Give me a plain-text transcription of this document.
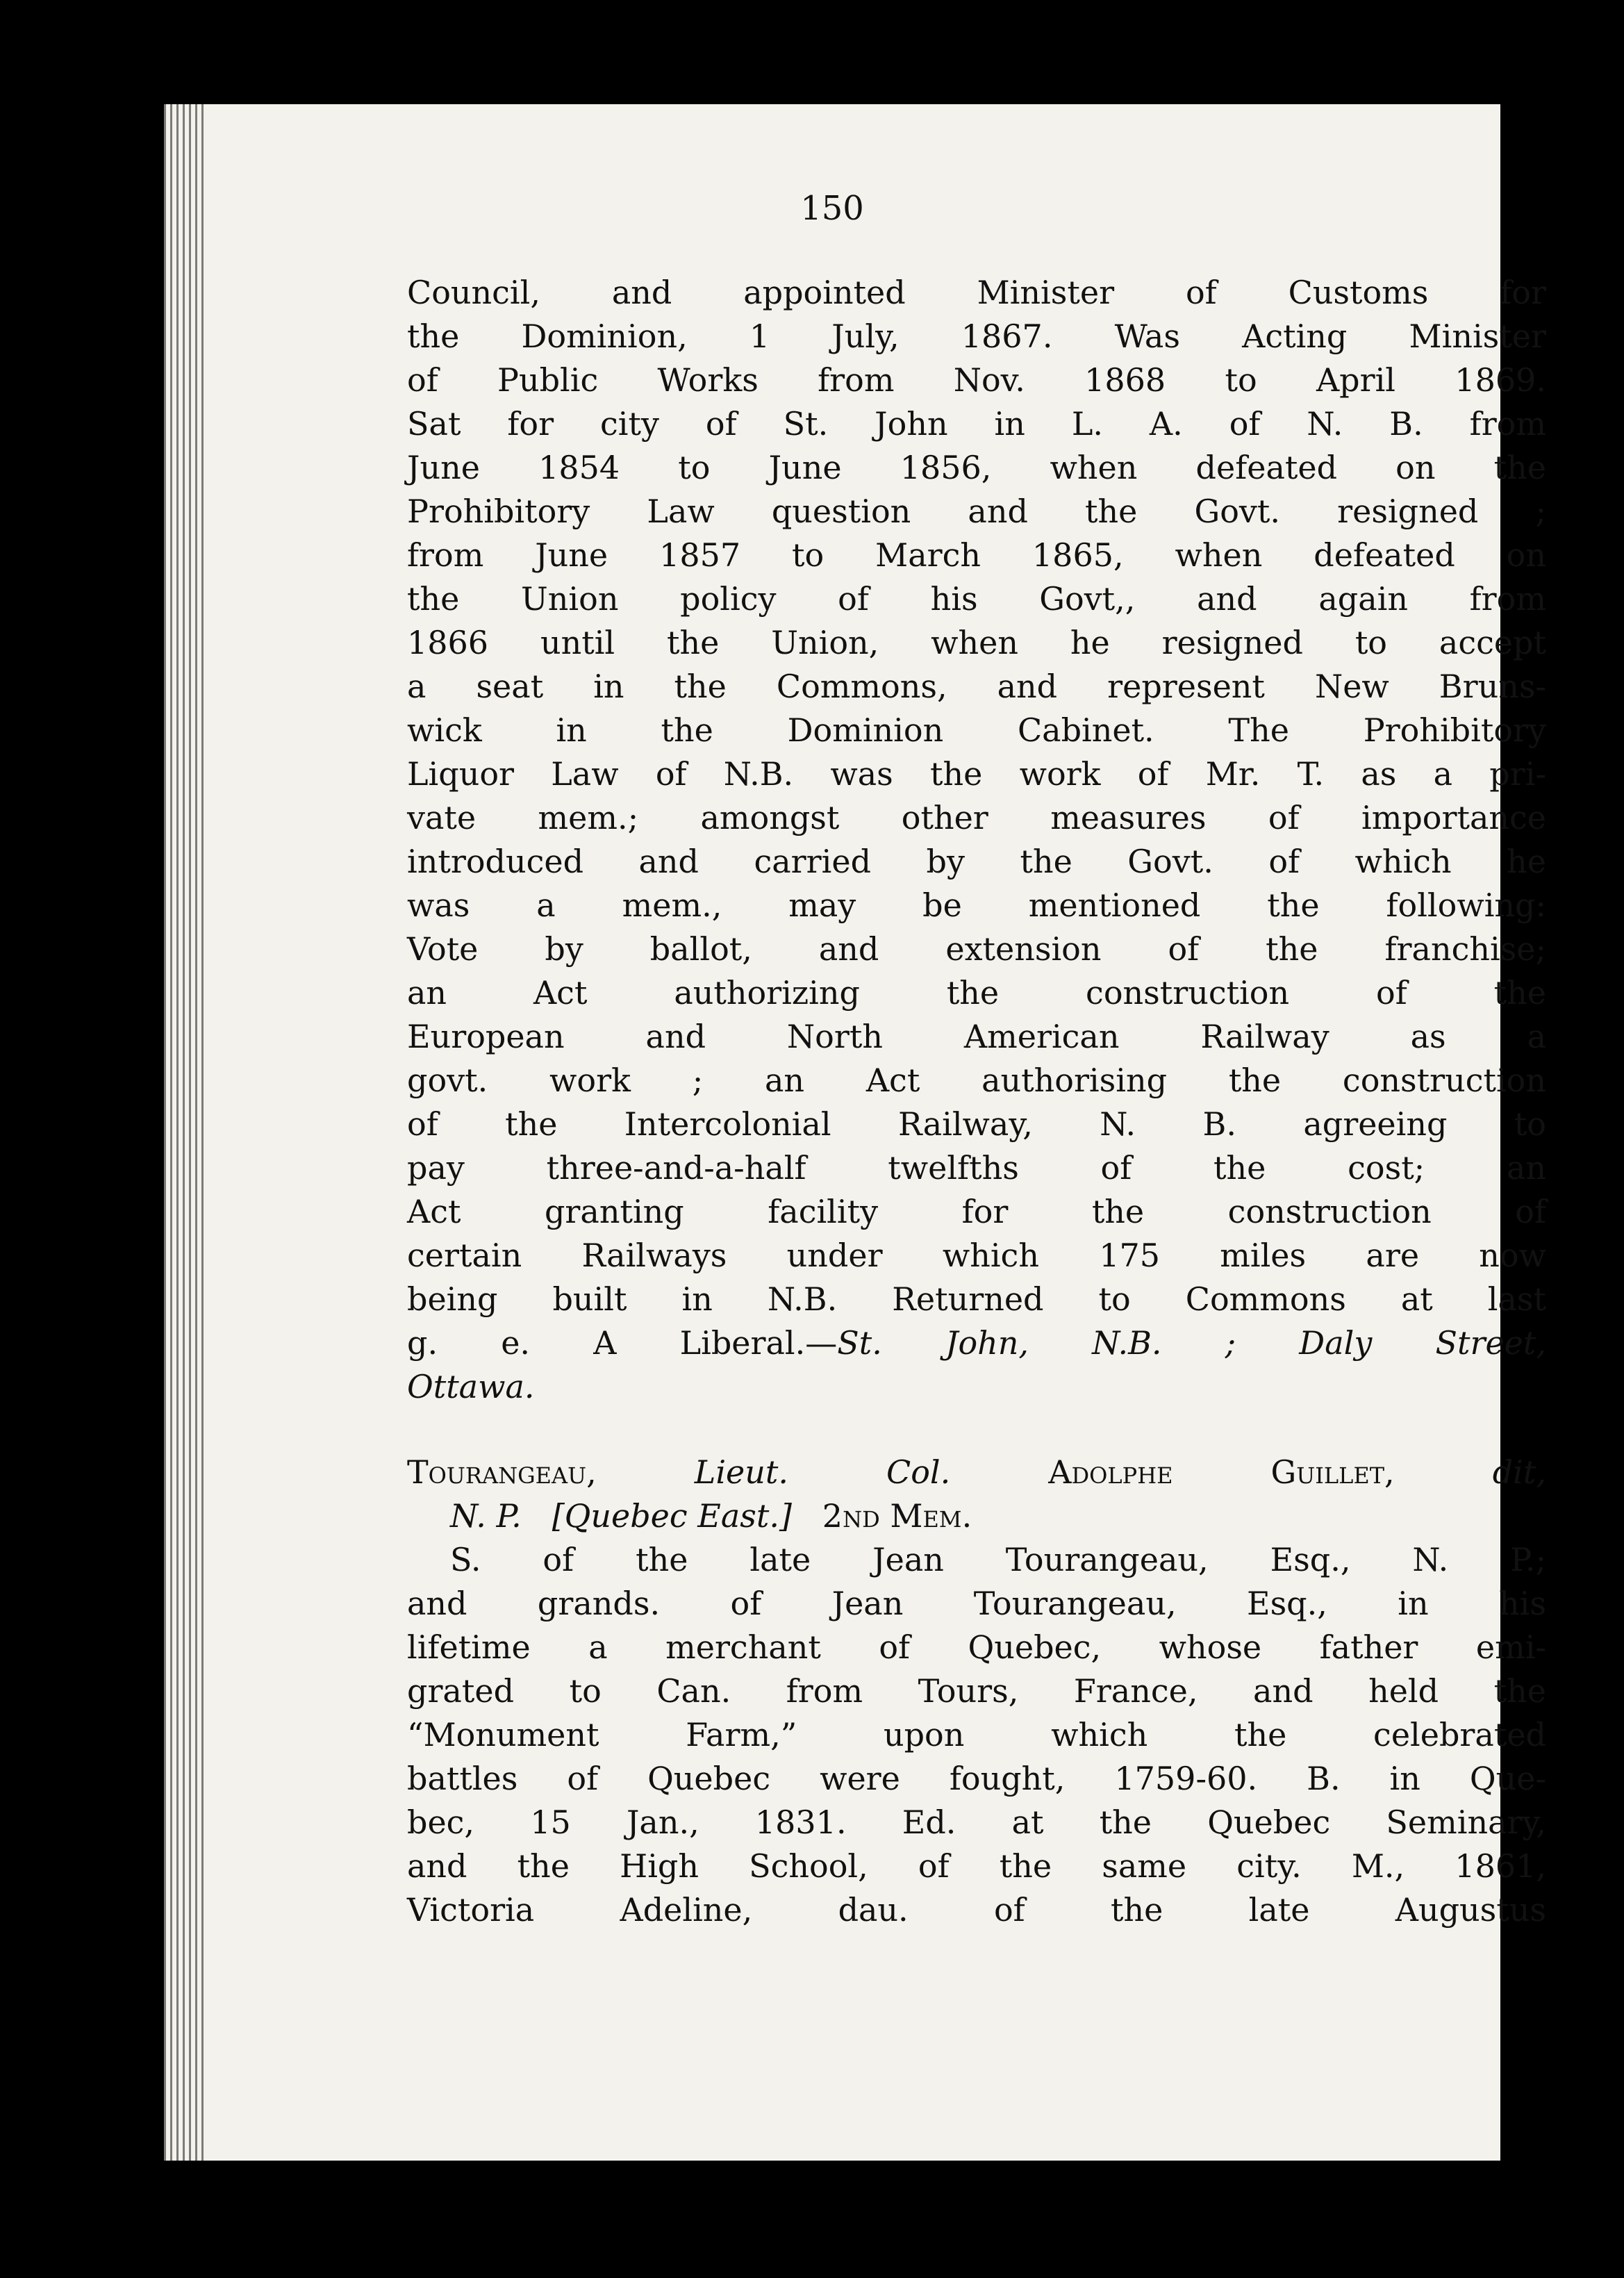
150
Council, and appointed Minister of Customs for
the Dominion, 1 July, 1867. Was Acting Minister
of Public Works from Nov. 1868 to April 1869.
Sat for city of St. John in L. A. of N. B. from
June 1854 to June 1856, when defeated on the
Prohibitory Law question and the Govt. resigned ;
from June 1857 to March 1865, when defeated on
the Union policy of his Govt,, and again from
1866 until the Union, when he resigned to accept
a seat in the Commons, and represent New Bruns-
wick in the Dominion Cabinet. The Prohibitory
Liquor Law of N.B. was the work of Mr. T. as a pri-
vate mem.; amongst other measures of importance
introduced and carried by the Govt. of which he
was a mem., may be mentioned the following:
Vote by ballot, and extension of the franchise;
an Act authorizing the construction of the
European and North American Railway as a
govt. work ; an Act authorising the construction
of the Intercolonial Railway, N. B. agreeing to
pay three-and-a-half twelfths of the cost; an
Act granting facility for the construction of
certain Railways under which 175 miles are now
being built in N.B. Returned to Commons at last
g. e. A Liberal.—St. John, N.B. ; Daly Street,
Ottawa.
Tourangeau,	Lieut. Col.	Adolphe Guillet,	dit,
N. P. [Quebec East.] 2nd Mem.
S. of the late Jean Tourangeau, Esq., N. P.;
and grands. of Jean Tourangeau, Esq., in his
lifetime a merchant of Quebec, whose father emi-
grated to Can. from Tours, France, and held the
“Monument Farm,” upon which the celebrated
battles of Quebec were fought, 1759-60. B. in Que-
bec, 15 Jan., 1831. Ed. at the Quebec Seminary,
and the High School, of the same city. M., 1861,
Victoria Adeline, dau. of the late Augustus
